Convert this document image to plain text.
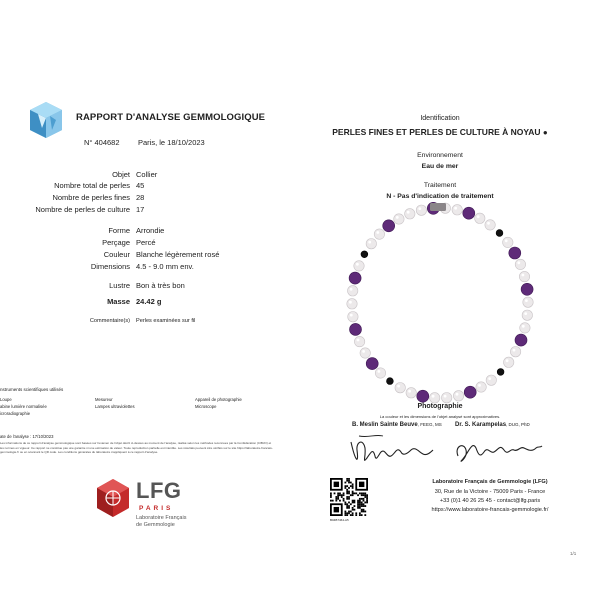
RAPPORT D'ANALYSE GEMMOLOGIQUE
N° 404682 Paris, le 18/10/2023
Objet Collier
Nombre total de perles 45
Nombre de perles fines 28
Nombre de perles de culture 17
Forme Arrondie
Perçage Percé
Couleur Blanche légèrement rosé
Dimensions 4.5 - 9.0 mm env.
Lustre Bon à très bon
Masse 24.42 g
Commentaire(s) Perles examinées sur fil
nstruments scientifiques utilisés
Loupe	Mesureur	Appareil de photographie
abine lumière normalisée	Lampes ultraviolettes	Microscope
icroradiographie
ate de l'analyse : 17/10/2023
Les informations de ce rapport d'analyse gemmologique sont basées sur l'examen de l'objet décrit ci-dessus au moment de l'analyse, réalisé selon les méthodes reconnues par la Confédération (CIBJO) et les normes en vigueur. Ce rapport ne constitue pas une garantie ni une estimation de valeur. Toute reproduction partielle est interdite. Les résultats peuvent être vérifiés sur le site https://laboratoire-francais-gemmologie.fr ou en scannant le QR code. Les conditions générales du laboratoire s'appliquent à ce rapport d'analyse.
LFG
PARIS
Laboratoire Français
de Gemmologie
Identification
PERLES FINES ET PERLES DE CULTURE À NOYAU ●
Environnement
Eau de mer
Traitement
N - Pas d'indication de traitement
Photographie
La couleur et les dimensions de l'objet analysé sont approximatives.
B. Meslin Sainte Beuve, FEEG, MS Dr. S. Karampelas, DUG, PhD
B04B7464-A5
Laboratoire Français de Gemmologie (LFG)
30, Rue de la Victoire - 75009 Paris - France
+33 (0)1 40 26 25 45 - contact@lfg.paris
https://www.laboratoire-francais-gemmologie.fr/
1/1
